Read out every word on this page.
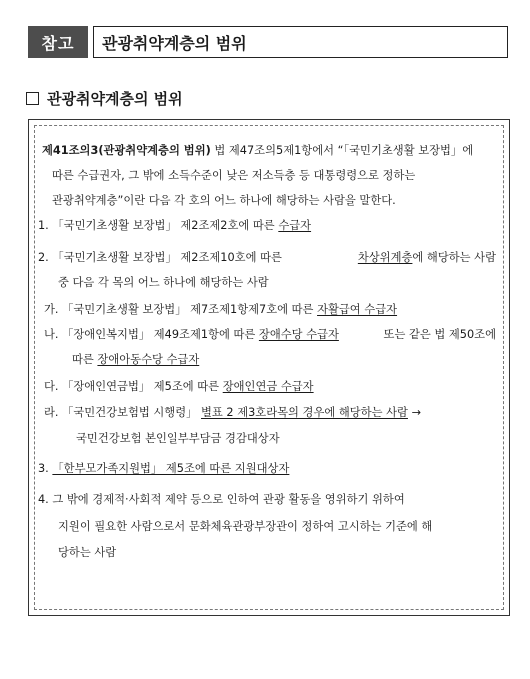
참고	관광취약계층의 범위
관광취약계층의 범위
제41조의3(관광취약계층의 범위) 법 제47조의5제1항에서 “「국민기초생활 보장법」에
따른 수급권자, 그 밖에 소득수준이 낮은 저소득층 등 대통령령으로 정하는
관광취약계층”이란 다음 각 호의 어느 하나에 해당하는 사람을 말한다.
1. 「국민기초생활 보장법」 제2조제2호에 따른 수급자
2. 「국민기초생활 보장법」 제2조제10호에 따른	차상위계층에 해당하는 사람
중 다음 각 목의 어느 하나에 해당하는 사람
가. 「국민기초생활 보장법」 제7조제1항제7호에 따른 자활급여 수급자
나. 「장애인복지법」 제49조제1항에 따른 장애수당 수급자	또는 같은 법 제50조에
따른 장애아동수당 수급자
다. 「장애인연금법」 제5조에 따른 장애인연금 수급자
라. 「국민건강보험법 시행령」 별표 2 제3호라목의 경우에 해당하는 사람 →
국민건강보험 본인일부부담금 경감대상자
3. 「한부모가족지원법」 제5조에 따른 지원대상자
4. 그 밖에 경제적·사회적 제약 등으로 인하여 관광 활동을 영위하기 위하여
지원이 필요한 사람으로서 문화체육관광부장관이 정하여 고시하는 기준에 해
당하는 사람
